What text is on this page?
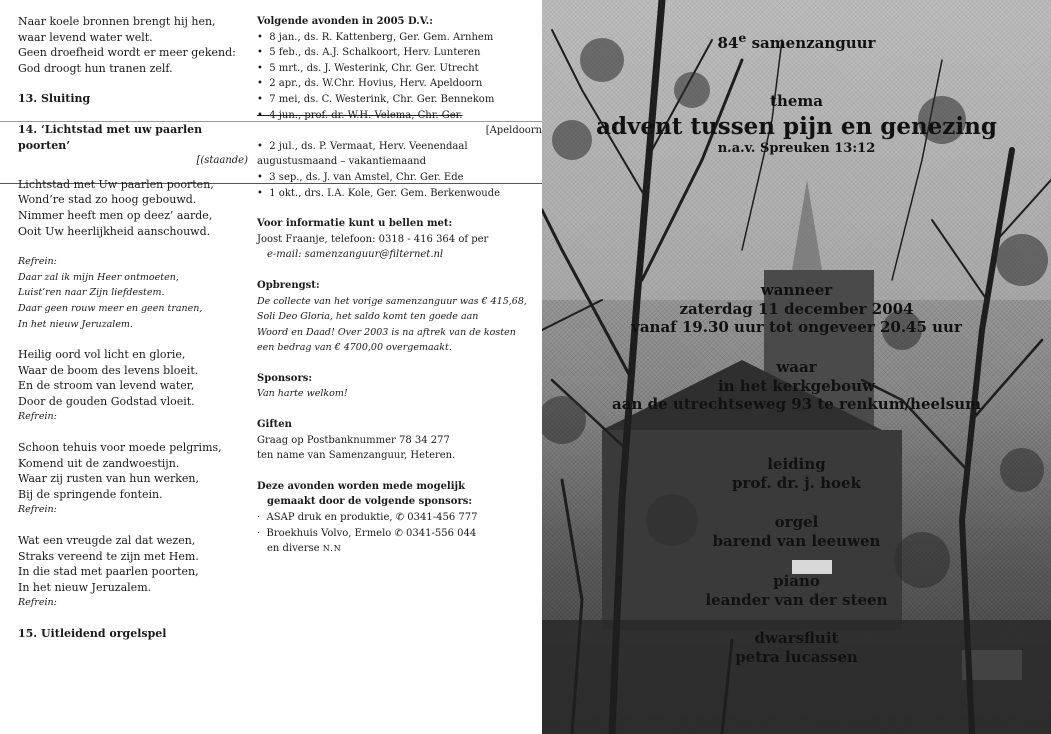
Naar koele bronnen brengt hij hen,

waar levend water welt.

Geen droefheid wordt er meer gekend:

God droogt hun tranen zelf.

13. Sluiting

14. ‘Lichtstad met uw paarlen poorten’

[(staande)

Lichtstad met Uw paarlen poorten,

Wond’re stad zo hoog gebouwd.

Nimmer heeft men op deez’ aarde,

Ooit Uw heerlijkheid aanschouwd.

Refrein:

Daar zal ik mijn Heer ontmoeten,

Luist’ren naar Zijn liefdestem.

Daar geen rouw meer en geen tranen,

In het nieuw Jeruzalem.

Heilig oord vol licht en glorie,

Waar de boom des levens bloeit.

En de stroom van levend water,

Door de gouden Godstad vloeit.

Refrein:

Schoon tehuis voor moede pelgrims,

Komend uit de zandwoestijn.

Waar zij rusten van hun werken,

Bij de springende fontein.

Refrein:

Wat een vreugde zal dat wezen,

Straks vereend te zijn met Hem.

In die stad met paarlen poorten,

In het nieuw Jeruzalem.

Refrein:

15. Uitleidend orgelspel

Volgende avonden in 2005 D.V.:

•  8 jan., ds. R. Kattenberg, Ger. Gem. Arnhem
•  5 feb., ds. A.J. Schalkoort, Herv. Lunteren
•  5 mrt., ds. J. Westerink, Chr. Ger. Utrecht
•  2 apr., ds. W.Chr. Hovius, Herv. Apeldoorn
•  7 mei, ds. C. Westerink, Chr. Ger. Bennekom
•  4 jun., prof. dr. W.H. Velema, Chr. Ger.

[Apeldoorn

•  2 jul., ds. P. Vermaat, Herv. Veenendaal

augustusmaand – vakantiemaand

•  3 sep., ds. J. van Amstel, Chr. Ger. Ede
•  1 okt., drs. I.A. Kole, Ger. Gem. Berkenwoude

Voor informatie kunt u bellen met:

Joost Fraanje, telefoon: 0318 - 416 364 of per

e-mail: samenzanguur@filternet.nl

Opbrengst:

De collecte van het vorige samenzanguur was € 415,68,

Soli Deo Gloria, het saldo komt ten goede aan

Woord en Daad! Over 2003 is na aftrek van de kosten

een bedrag van € 4700,00 overgemaakt.

Sponsors:

Van harte welkom!

Giften

Graag op Postbanknummer 78 34 277

ten name van Samenzanguur, Heteren.

Deze avonden worden mede mogelijk

gemaakt door de volgende sponsors:

·  ASAP druk en produktie, ✆ 0341-456 777
·  Broekhuis Volvo, Ermelo ✆ 0341-556 044

en diverse N.N

84e samenzanguur
thema
advent tussen pijn en genezing
n.a.v. Spreuken 13:12
wanneer
zaterdag 11 december 2004
vanaf 19.30 uur tot ongeveer 20.45 uur
waar
in het kerkgebouw
aan de utrechtseweg 93 te renkum/heelsum
leiding
prof. dr. j. hoek
orgel
barend van leeuwen
piano
leander van der steen
dwarsfluit
petra lucassen
